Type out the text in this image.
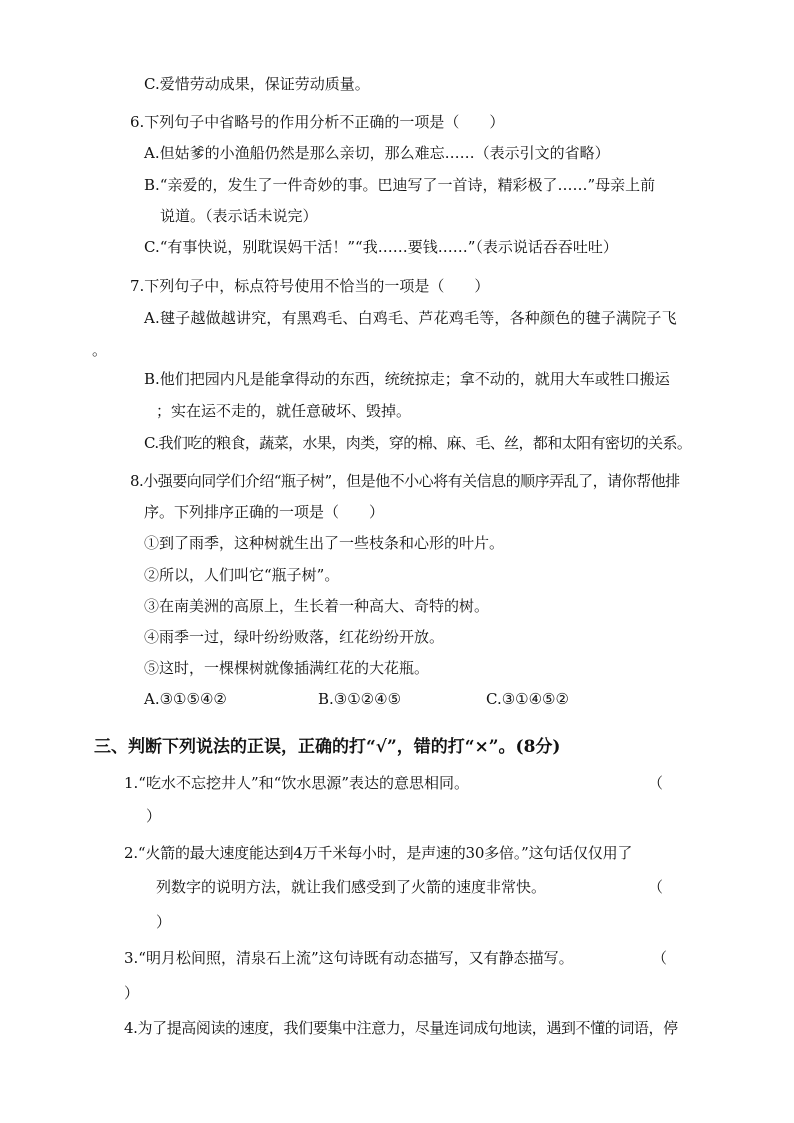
C.爱惜劳动成果，保证劳动质量。
6.下列句子中省略号的作用分析不正确的一项是（　　）
A.但姑爹的小渔船仍然是那么亲切，那么难忘……（表示引文的省略）
B.“亲爱的，发生了一件奇妙的事。巴迪写了一首诗，精彩极了……”母亲上前
说道。（表示话未说完）
C.“有事快说，别耽误妈干活！”“我……要钱……”（表示说话吞吞吐吐）
7.下列句子中，标点符号使用不恰当的一项是（　　）
A.毽子越做越讲究，有黑鸡毛、白鸡毛、芦花鸡毛等，各种颜色的毽子满院子飞
。
B.他们把园内凡是能拿得动的东西，统统掠走；拿不动的，就用大车或牲口搬运
；实在运不走的，就任意破坏、毁掉。
C.我们吃的粮食，蔬菜，水果，肉类，穿的棉、麻、毛、丝，都和太阳有密切的关系。
8.小强要向同学们介绍“瓶子树”，但是他不小心将有关信息的顺序弄乱了，请你帮他排
序。下列排序正确的一项是（　　）
①到了雨季，这种树就生出了一些枝条和心形的叶片。
②所以，人们叫它“瓶子树”。
③在南美洲的高原上，生长着一种高大、奇特的树。
④雨季一过，绿叶纷纷败落，红花纷纷开放。
⑤这时，一棵棵树就像插满红花的大花瓶。
A.③①⑤④②	B.③①②④⑤	C.③①④⑤②
三、判断下列说法的正误，正确的打“√”，错的打“×”。(8分)
1.“吃水不忘挖井人”和“饮水思源”表达的意思相同。	（
）
2.“火箭的最大速度能达到4万千米每小时，是声速的30多倍。”这句话仅仅用了
列数字的说明方法，就让我们感受到了火箭的速度非常快。	（
）
3.“明月松间照，清泉石上流”这句诗既有动态描写，又有静态描写。	（
）
4.为了提高阅读的速度，我们要集中注意力，尽量连词成句地读，遇到不懂的词语，停
